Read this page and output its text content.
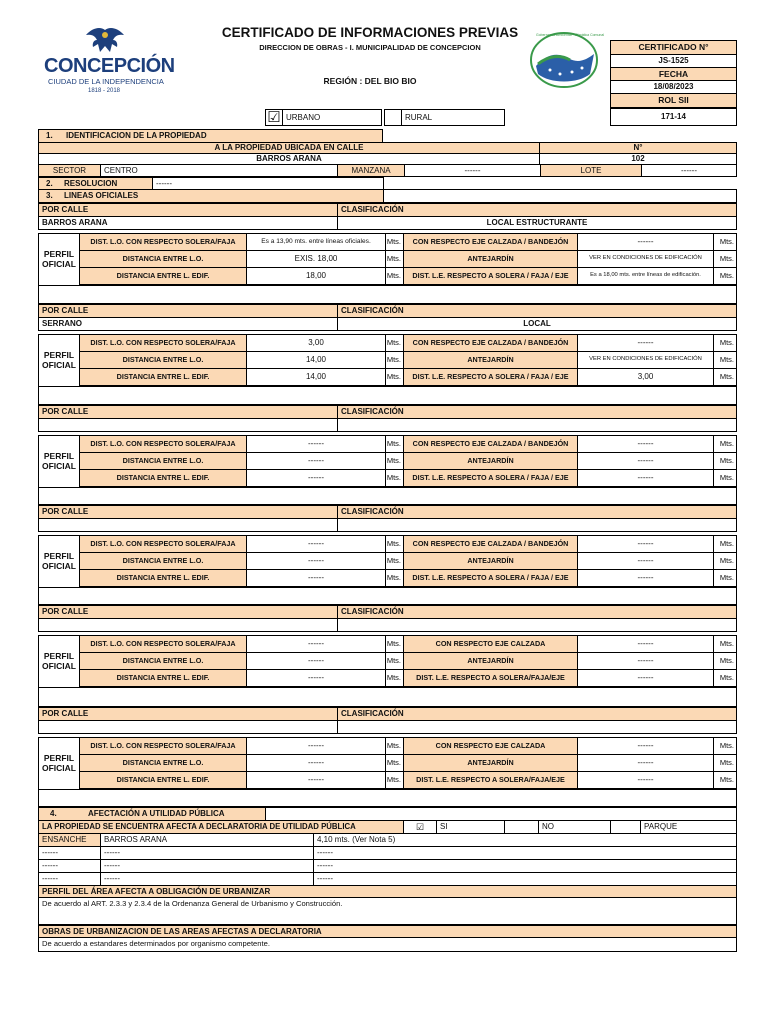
CONCEPCIÓN
CIUDAD DE LA INDEPENDENCIA
1818 - 2018
CERTIFICADO DE INFORMACIONES PREVIAS
DIRECCION DE OBRAS - I. MUNICIPALIDAD DE CONCEPCION
REGIÓN : DEL BIO BIO
Gobernanza Ambiental · Climática Comunal
CERTIFICADO N°
JS-1525
FECHA
18/08/2023
ROL SII
171-14
☑ URBANO	RURAL
1.	IDENTIFICACION DE LA PROPIEDAD
A LA PROPIEDAD UBICADA EN CALLE	N°
BARROS ARANA	102
SECTOR	CENTRO	MANZANA	------	LOTE	------
2.	RESOLUCION	------
3.	LINEAS OFICIALES
POR CALLE	CLASIFICACIÓN
BARROS ARANA	LOCAL ESTRUCTURANTE
PERFIL
OFICIAL
DIST. L.O. CON RESPECTO SOLERA/FAJA	Es a 13,90 mts. entre líneas oficiales.	Mts.	CON RESPECTO EJE CALZADA / BANDEJÓN	------	Mts.
DISTANCIA ENTRE L.O.	EXIS. 18,00	Mts.	ANTEJARDÍN	VER EN CONDICIONES DE EDIFICACIÓN	Mts.
DISTANCIA ENTRE L. EDIF.	18,00	Mts.	DIST. L.E. RESPECTO A SOLERA / FAJA / EJE	Es a 18,00 mts. entre líneas de edificación.	Mts.
POR CALLE	CLASIFICACIÓN
SERRANO	LOCAL
PERFIL
OFICIAL
DIST. L.O. CON RESPECTO SOLERA/FAJA	3,00	Mts.	CON RESPECTO EJE CALZADA / BANDEJÓN	------	Mts.
DISTANCIA ENTRE L.O.	14,00	Mts.	ANTEJARDÍN	VER EN CONDICIONES DE EDIFICACIÓN	Mts.
DISTANCIA ENTRE L. EDIF.	14,00	Mts.	DIST. L.E. RESPECTO A SOLERA / FAJA / EJE	3,00	Mts.
POR CALLE	CLASIFICACIÓN
PERFIL
OFICIAL
DIST. L.O. CON RESPECTO SOLERA/FAJA	------	Mts.	CON RESPECTO EJE CALZADA / BANDEJÓN	------	Mts.
DISTANCIA ENTRE L.O.	------	Mts.	ANTEJARDÍN	------	Mts.
DISTANCIA ENTRE L. EDIF.	------	Mts.	DIST. L.E. RESPECTO A SOLERA / FAJA / EJE	------	Mts.
POR CALLE	CLASIFICACIÓN
PERFIL
OFICIAL
DIST. L.O. CON RESPECTO SOLERA/FAJA	------	Mts.	CON RESPECTO EJE CALZADA / BANDEJÓN	------	Mts.
DISTANCIA ENTRE L.O.	------	Mts.	ANTEJARDÍN	------	Mts.
DISTANCIA ENTRE L. EDIF.	------	Mts.	DIST. L.E. RESPECTO A SOLERA / FAJA / EJE	------	Mts.
POR CALLE	CLASIFICACIÓN
PERFIL
OFICIAL
DIST. L.O. CON RESPECTO SOLERA/FAJA	------	Mts.	CON RESPECTO EJE CALZADA	------	Mts.
DISTANCIA ENTRE L.O.	------	Mts.	ANTEJARDÍN	------	Mts.
DISTANCIA ENTRE L. EDIF.	------	Mts.	DIST. L.E. RESPECTO A SOLERA/FAJA/EJE	------	Mts.
POR CALLE	CLASIFICACIÓN
PERFIL
OFICIAL
DIST. L.O. CON RESPECTO SOLERA/FAJA	------	Mts.	CON RESPECTO EJE CALZADA	------	Mts.
DISTANCIA ENTRE L.O.	------	Mts.	ANTEJARDÍN	------	Mts.
DISTANCIA ENTRE L. EDIF.	------	Mts.	DIST. L.E. RESPECTO A SOLERA/FAJA/EJE	------	Mts.
4.	AFECTACIÓN A UTILIDAD PÚBLICA
LA PROPIEDAD SE ENCUENTRA AFECTA A DECLARATORIA DE UTILIDAD PÚBLICA	☑	SI	NO	PARQUE
ENSANCHE	BARROS ARANA	4,10 mts. (Ver Nota 5)
------	------	------
------	------	------
------	------	------
PERFIL DEL ÁREA AFECTA A OBLIGACIÓN DE URBANIZAR
De acuerdo al ART. 2.3.3 y 2.3.4 de la Ordenanza General de Urbanismo y Construcción.
OBRAS DE URBANIZACION DE LAS AREAS AFECTAS A DECLARATORIA
De acuerdo a estandares determinados por organismo competente.
